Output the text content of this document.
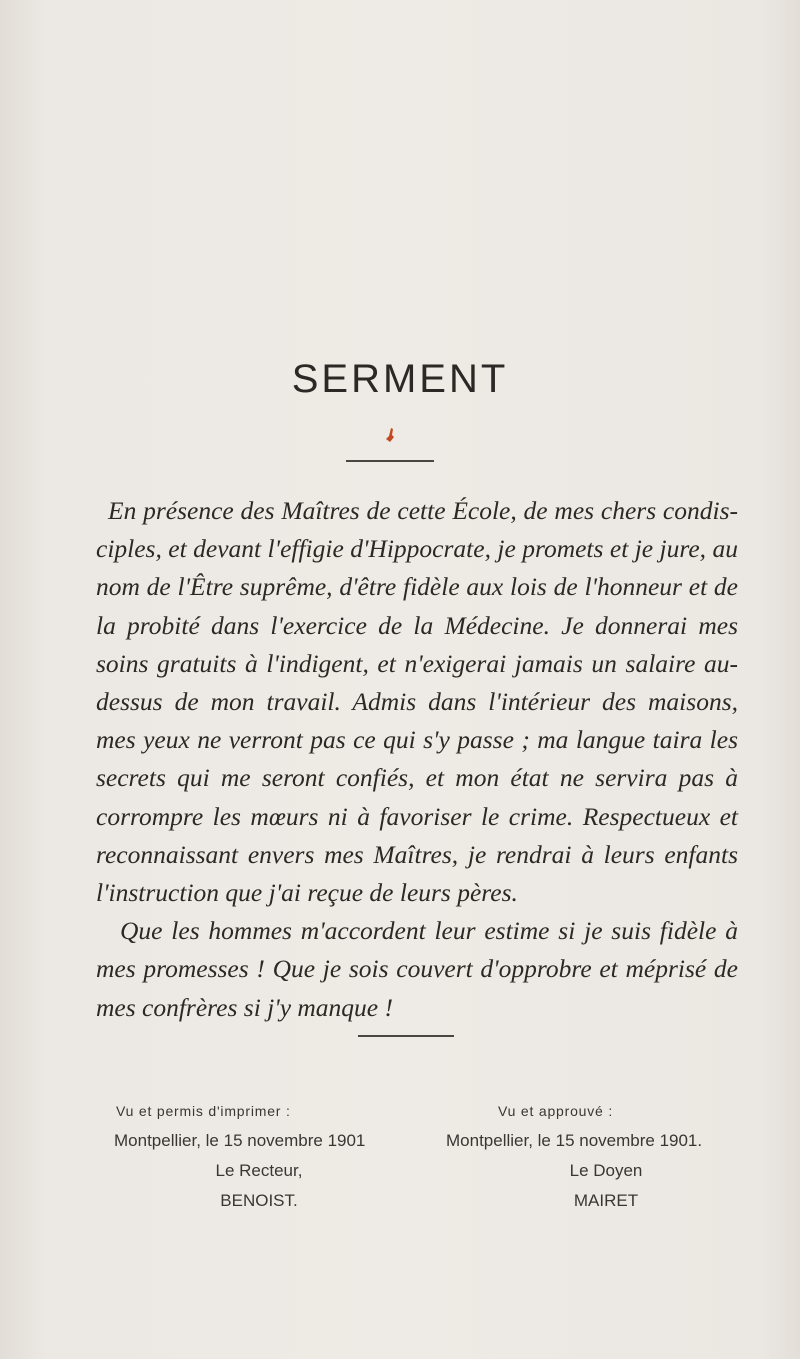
SERMENT

En présence des Maîtres de cette École, de mes chers condis-ciples, et devant l'effigie d'Hippocrate, je promets et je jure, au nom de l'Être suprême, d'être fidèle aux lois de l'honneur et de la probité dans l'exercice de la Médecine. Je donnerai mes soins gratuits à l'indigent, et n'exigerai jamais un salaire au-dessus de mon travail. Admis dans l'intérieur des maisons, mes yeux ne verront pas ce qui s'y passe ; ma langue taira les secrets qui me seront confiés, et mon état ne servira pas à corrompre les mœurs ni à favoriser le crime. Respectueux et reconnaissant envers mes Maîtres, je rendrai à leurs enfants l'instruction que j'ai reçue de leurs pères.

Que les hommes m'accordent leur estime si je suis fidèle à mes promesses ! Que je sois couvert d'opprobre et méprisé de mes confrères si j'y manque !

Vu et permis d'imprimer :
Montpellier, le 15 novembre 1901
Le Recteur,
BENOIST.
Vu et approuvé :
Montpellier, le 15 novembre 1901.
Le Doyen
MAIRET
